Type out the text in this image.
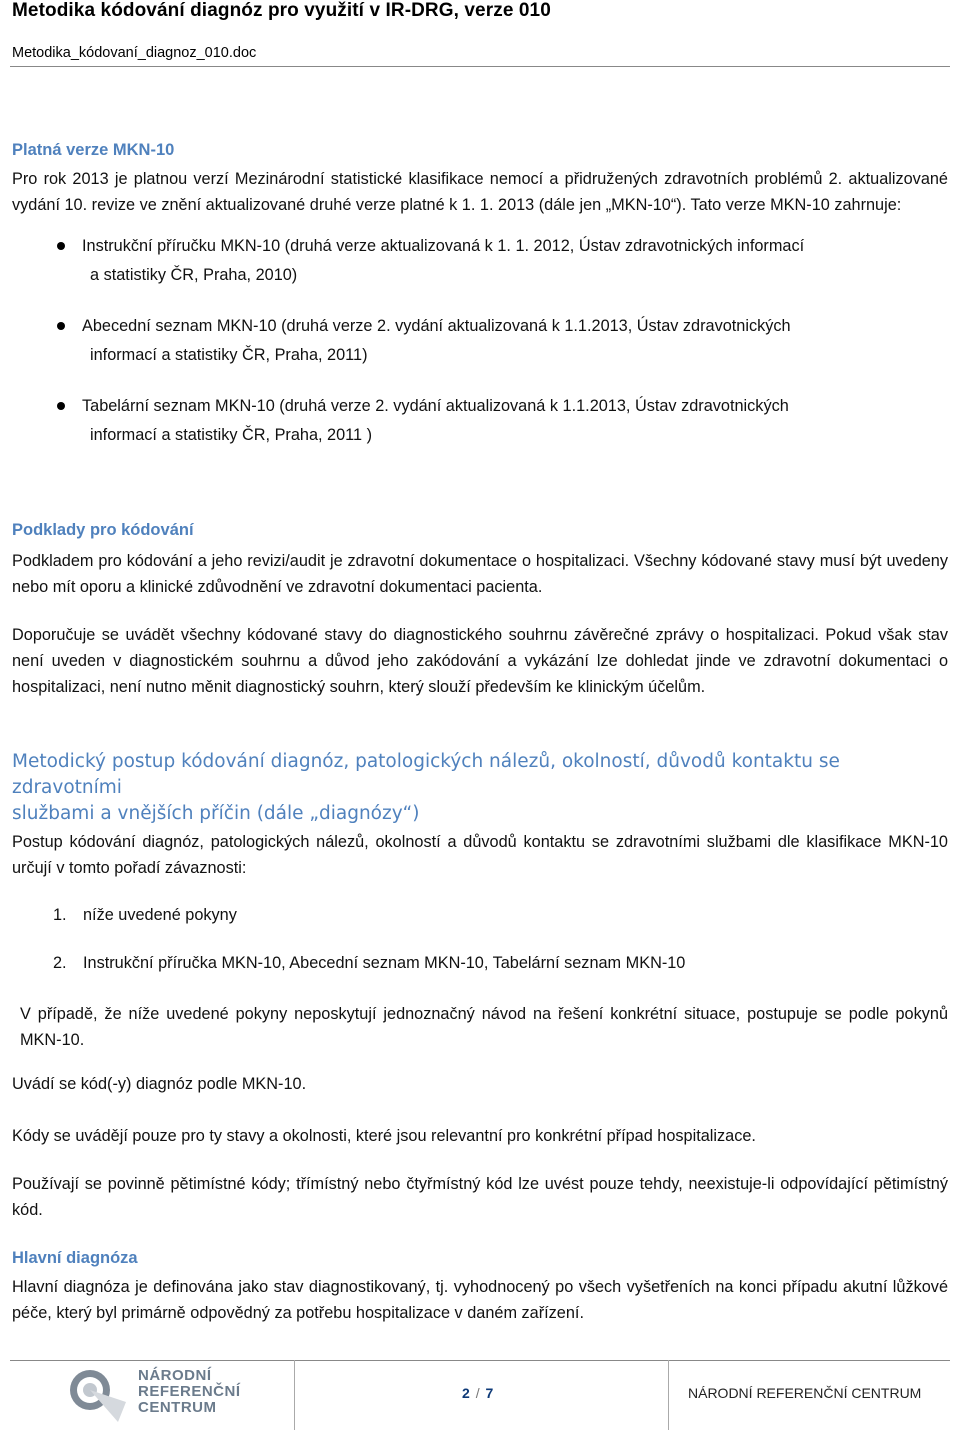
Metodika kódování diagnóz pro využití v IR-DRG, verze 010
Metodika_kódovaní_diagnoz_010.doc
Platná verze MKN-10

Pro rok 2013 je platnou verzí Mezinárodní statistické klasifikace nemocí a přidružených zdravotních problémů 2. aktualizované vydání 10. revize ve znění aktualizované druhé verze platné k 1. 1. 2013 (dále jen „MKN-10“). Tato verze MKN-10 zahrnuje:

Instrukční příručku MKN-10 (druhá verze aktualizovaná k 1. 1. 2012, Ústav zdravotnických informací
a statistiky ČR, Praha, 2010)
Abecední seznam MKN-10 (druhá verze 2. vydání aktualizovaná k 1.1.2013, Ústav zdravotnických
informací a statistiky ČR, Praha, 2011)
Tabelární seznam MKN-10 (druhá verze 2. vydání aktualizovaná k 1.1.2013, Ústav zdravotnických
informací a statistiky ČR, Praha, 2011 )
Podklady pro kódování

Podkladem pro kódování a jeho revizi/audit je zdravotní dokumentace o hospitalizaci. Všechny kódované stavy musí být uvedeny nebo mít oporu a klinické zdůvodnění ve zdravotní dokumentaci pacienta.

Doporučuje se uvádět všechny kódované stavy do diagnostického souhrnu závěrečné zprávy o hospitalizaci. Pokud však stav není uveden v diagnostickém souhrnu a důvod jeho zakódování a vykázání lze dohledat jinde ve zdravotní dokumentaci o hospitalizaci, není nutno měnit diagnostický souhrn, který slouží především ke klinickým účelům.

Metodický postup kódování diagnóz, patologických nálezů, okolností, důvodů kontaktu se zdravotními
službami a vnějších příčin (dále „diagnózy“)

Postup kódování diagnóz, patologických nálezů, okolností a důvodů kontaktu se zdravotními službami dle klasifikace MKN-10 určují v tomto pořadí závaznosti:

1.	níže uvedené pokyny
2.	Instrukční příručka MKN-10, Abecední seznam MKN-10, Tabelární seznam MKN-10

V případě, že níže uvedené pokyny neposkytují jednoznačný návod na řešení konkrétní situace, postupuje se podle pokynů MKN-10.

Uvádí se kód(-y) diagnóz podle MKN-10.

Kódy se uvádějí pouze pro ty stavy a okolnosti, které jsou relevantní pro konkrétní případ hospitalizace.

Používají se povinně pětimístné kódy; třímístný nebo čtyřmístný kód lze uvést pouze tehdy, neexistuje-li odpovídající pětimístný kód.

Hlavní diagnóza

Hlavní diagnóza je definována jako stav diagnostikovaný, tj. vyhodnocený po všech vyšetřeních na konci případu akutní lůžkové péče, který byl primárně odpovědný za potřebu hospitalizace v daném zařízení.

NÁRODNÍ
REFERENČNÍ
CENTRUM
2 / 7	NÁRODNÍ REFERENČNÍ CENTRUM
